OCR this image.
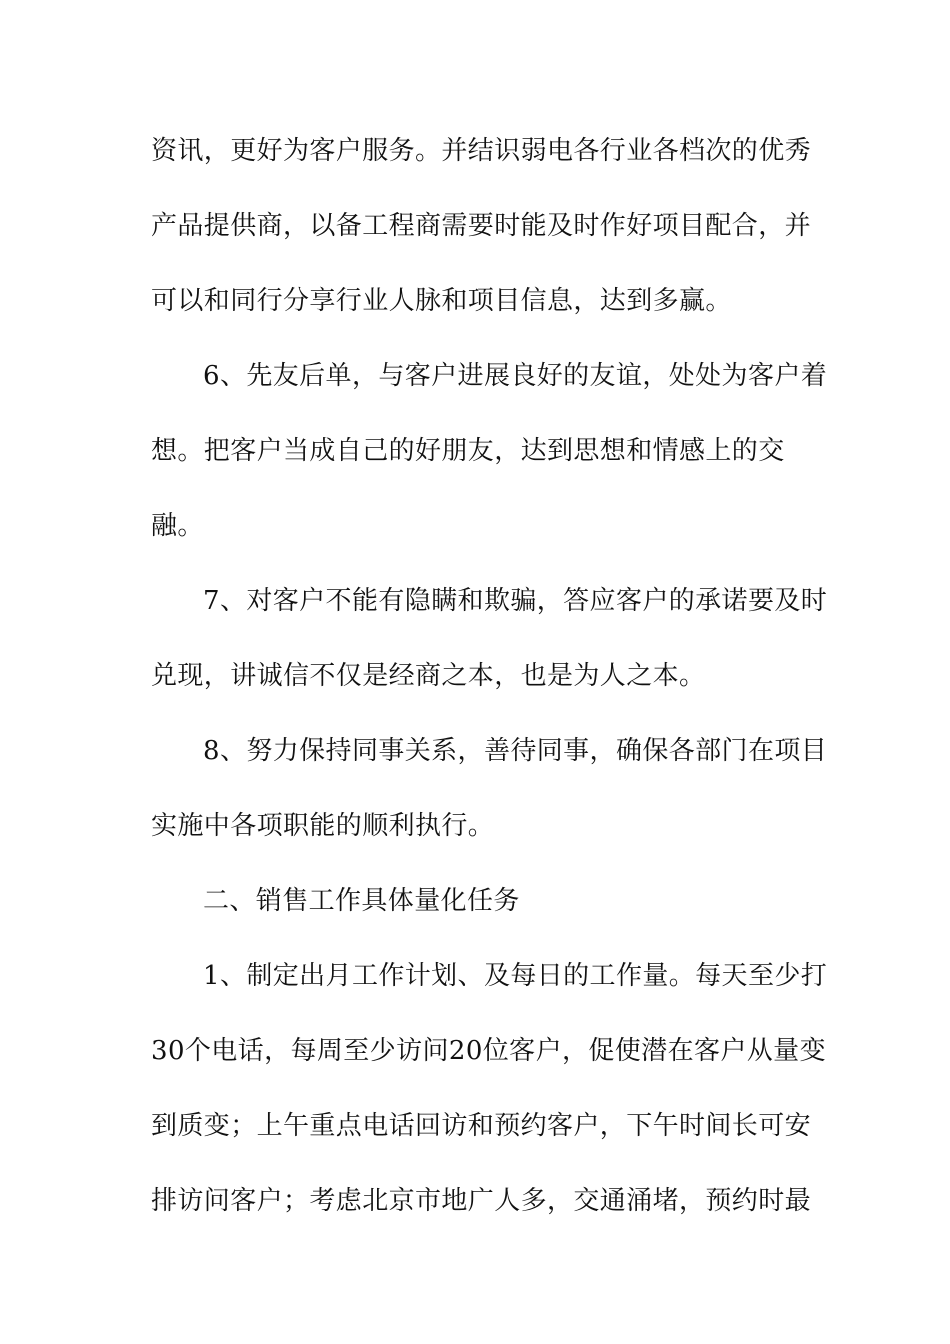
资讯，更好为客户服务。并结识弱电各行业各档次的优秀

产品提供商，以备工程商需要时能及时作好项目配合，并

可以和同行分享行业人脉和项目信息，达到多赢。

6、先友后单，与客户进展良好的友谊，处处为客户着

想。把客户当成自己的好朋友，达到思想和情感上的交

融。

7、对客户不能有隐瞒和欺骗，答应客户的承诺要及时

兑现，讲诚信不仅是经商之本，也是为人之本。

8、努力保持同事关系，善待同事，确保各部门在项目

实施中各项职能的顺利执行。

二、销售工作具体量化任务

1、制定出月工作计划、及每日的工作量。每天至少打

30个电话，每周至少访问20位客户，促使潜在客户从量变

到质变；上午重点电话回访和预约客户，下午时间长可安

排访问客户；考虑北京市地广人多，交通涌堵，预约时最
